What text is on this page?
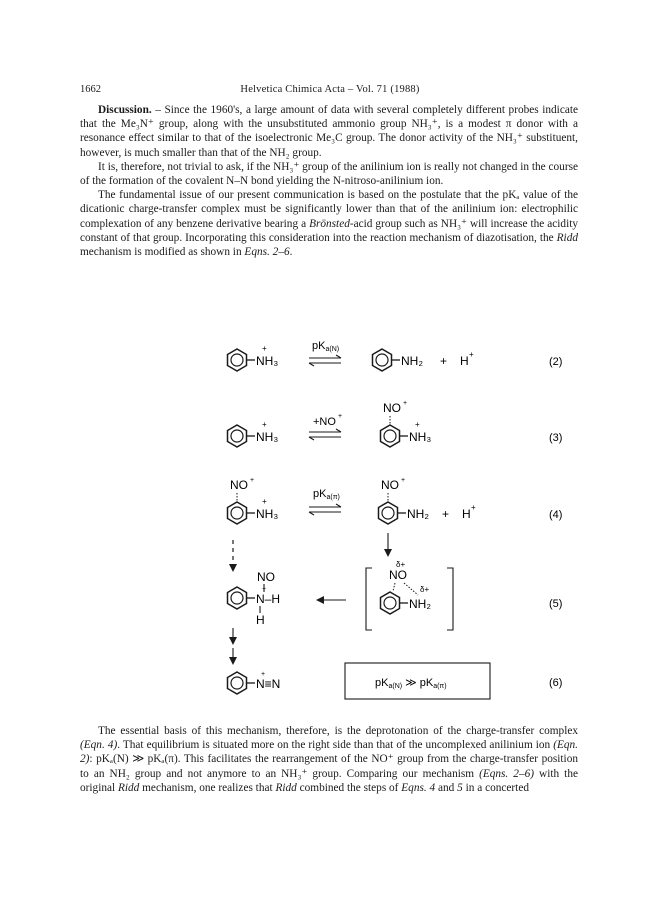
1662	Helvetica Chimica Acta – Vol. 71 (1988)

Discussion. – Since the 1960's, a large amount of data with several completely different probes indicate that the Me₃N⁺ group, along with the unsubstituted ammonio group NH₃⁺, is a modest π donor with a resonance effect similar to that of the isoelectronic Me₃C group. The donor activity of the NH₃⁺ substituent, however, is much smaller than that of the NH₂ group.

It is, therefore, not trivial to ask, if the NH₃⁺ group of the anilinium ion is really not changed in the course of the formation of the covalent N–N bond yielding the N-nitroso-anilinium ion.

The fundamental issue of our present communication is based on the postulate that the pKₐ value of the dicationic charge-transfer complex must be significantly lower than that of the anilinium ion: electrophilic complexation of any benzene derivative bearing a Brönsted-acid group such as NH₃⁺ will increase the acidity constant of that group. Incorporating this consideration into the reaction mechanism of diazotisation, the Ridd mechanism is modified as shown in Eqns. 2–6.

NH₃
+	pKa(N)
NH₂ + H +
(2)
NH₃
+	+NO +
NO +
NH₃
+
(3)
NO +
NH₃
+
pKa(π)
NO +
NH₂ + H +
(4)
NO
N–H
+
H
δ+
NO
δ+
NH₂	(5)
N≡N
+
pKa(N) ≫ pKa(π)	(6)

The essential basis of this mechanism, therefore, is the deprotonation of the charge-transfer complex (Eqn. 4). That equilibrium is situated more on the right side than that of the uncomplexed anilinium ion (Eqn. 2): pKₐ(N) ≫ pKₐ(π). This facilitates the rearrangement of the NO⁺ group from the charge-transfer position to an NH₂ group and not anymore to an NH₃⁺ group. Comparing our mechanism (Eqns. 2–6) with the original Ridd mechanism, one realizes that Ridd combined the steps of Eqns. 4 and 5 in a concerted
